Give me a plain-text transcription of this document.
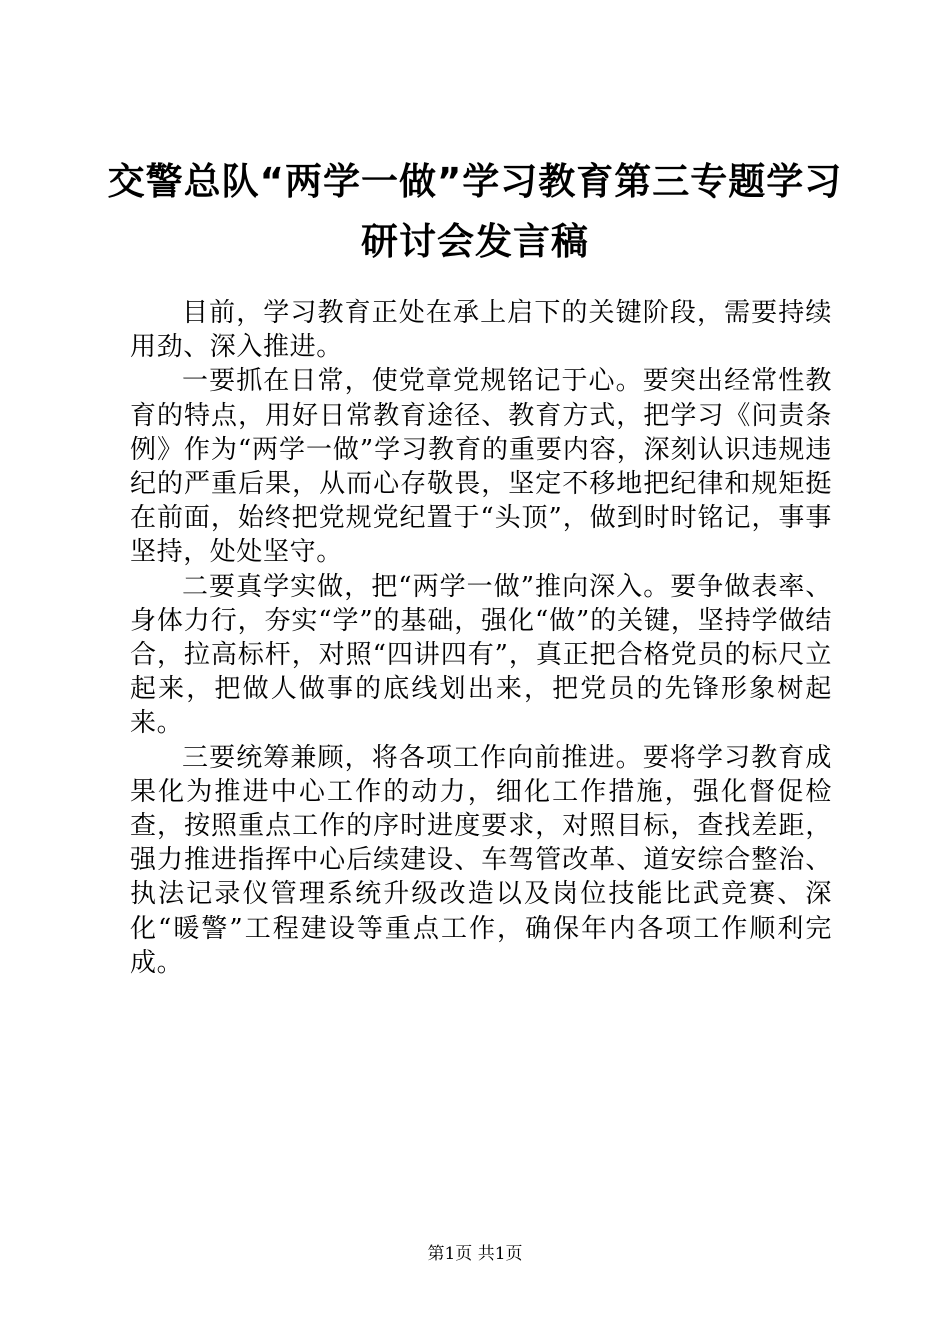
交警总队“两学一做”学习教育第三专题学习
研讨会发言稿

目前，学习教育正处在承上启下的关键阶段，需要持续用劲、深入推进。

一要抓在日常，使党章党规铭记于心。要突出经常性教育的特点，用好日常教育途径、教育方式，把学习《问责条例》作为“两学一做”学习教育的重要内容，深刻认识违规违纪的严重后果，从而心存敬畏，坚定不移地把纪律和规矩挺在前面，始终把党规党纪置于“头顶”，做到时时铭记，事事坚持，处处坚守。

二要真学实做，把“两学一做”推向深入。要争做表率、身体力行，夯实“学”的基础，强化“做”的关键，坚持学做结合，拉高标杆，对照“四讲四有”，真正把合格党员的标尺立起来，把做人做事的底线划出来，把党员的先锋形象树起来。

三要统筹兼顾，将各项工作向前推进。要将学习教育成果化为推进中心工作的动力，细化工作措施，强化督促检查，按照重点工作的序时进度要求，对照目标，查找差距，强力推进指挥中心后续建设、车驾管改革、道安综合整治、执法记录仪管理系统升级改造以及岗位技能比武竞赛、深化“暖警”工程建设等重点工作，确保年内各项工作顺利完成。

第1页 共1页
